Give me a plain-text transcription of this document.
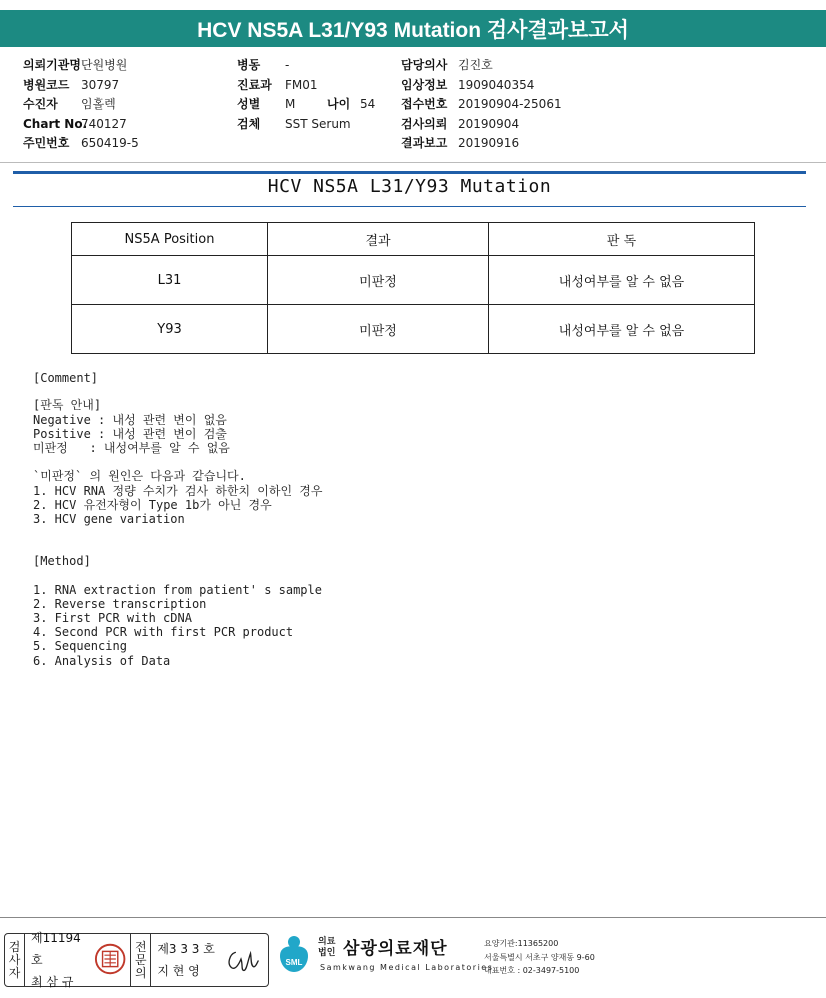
HCV NS5A L31/Y93 Mutation 검사결과보고서
의뢰기관명 단원병원
병원코드 30797
수진자	임홀렉
Chart No.
740127
주민번호 650419-5
병동	-
진료과	FM01
성별	M	나이 54
검체	SST Serum
담당의사 김진호
임상정보 1909040354
접수번호 20190904-25061
검사의뢰 20190904
결과보고 20190916
HCV NS5A L31/Y93 Mutation
NS5A Position	결과	판 독
L31	미판정	내성여부를 알 수 없음
Y93	미판정	내성여부를 알 수 없음
[Comment]
[판독 안내]
Negative : 내성 관련 변이 없음
Positive : 내성 관련 변이 검출
미판정   : 내성여부를 알 수 없음
`미판정` 의 원인은 다음과 같습니다.
1. HCV RNA 정량 수치가 검사 하한치 이하인 경우
2. HCV 유전자형이 Type 1b가 아닌 경우
3. HCV gene variation
[Method]
1. RNA extraction from patient' s sample
2. Reverse transcription
3. First PCR with cDNA
4. Second PCR with first PCR product
5. Sequencing
6. Analysis of Data
검사자
제11194호
최 삼 규
전문의
제3 3 3 호
지 현 영
SML
의료
법인 삼광의료재단
Samkwang Medical Laboratories
요양기관:11365200
서울특별시 서초구 양재동 9-60
대표번호 : 02-3497-5100
